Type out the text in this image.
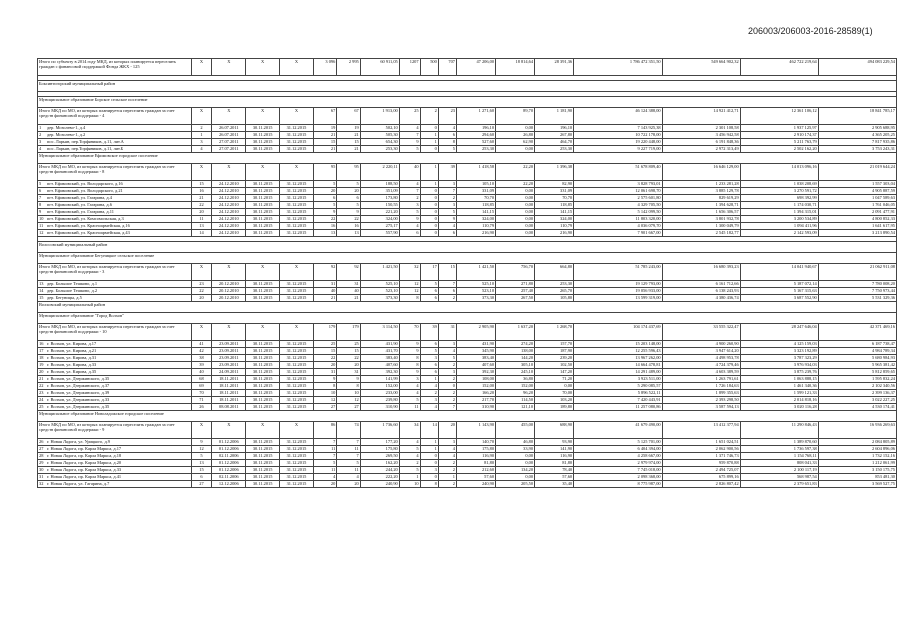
206003/206003-2016-28589(1)
Итого по субъекту в 2014 году МКД, из которых планируется переселить граждан с финансовой поддержкой Фонда ЖКХ - 125	X	X	X	X	3 096	2 995	60 911,05	1207	500	707	47 206,00	18 814,64	28 391,36	1 786 472 351,50	549 664 902,32	462 722 219,64	494 083 229,54

Боксинтогорский муниципальный район																	

Муниципальное образование Борское сельское поселение																	
Итого МКД по МО, из которых планируется переселить граждан за счет средств финансовой поддержки - 4	X	X	X	X	67	67	1 913,00	25	2	23	1 271,60	89,70	1 181,90	46 124 388,00	14 921 412,71	12 361 106,12	18 841 785,17
1 дер. Мозолево-1, д.4	2	26.07.2011	30.11.2015	31.12.2015	19	19	502,10	4	0	4	196,10	0,00	196,10	7 143 925,38	2 301 108,58	1 937 125,97	2 905 688,95
2 дер. Мозолево-1, д.2	1	26.07.2011	30.11.2015	31.12.2015	21	21	505,30	7	1	6	294,60	26,80	267,80	10 722 178,00	3 456 942,58	2 910 174,37	4 365 205,25
3 пос. Ларьян, пер.Торфяников, д.11, лит.А	3	27.07.2011	30.11.2015	31.12.2015	15	15	654,30	9	1	8	527,60	62,90	464,70	19 220 448,00	6 191 848,36	5 211 763,79	7 817 935,86
4 пос. Ларьян, пер.Торфяников, д.11, лит.Б	4	27.07.2011	30.11.2015	31.12.2015	21	21	253,30	5	0	5	253,30	0,00	253,30	9 227 719,00	2 972 313,49	2 502 162,20	3 753 243,31
Муниципальное образование Ефимовское городское поселение																	
Итого МКД по МО, из которых планируется переселить граждан за счет средств финансовой поддержки - 8	X	X	X	X	95	95	2 220,11	40	1	39	1 418,58	22,20	1 396,38	51 678 809,40	16 646 129,00	14 013 096,16	21 019 644,24
5 пгт. Ефимовский, ул. Володарского, д.16	15	24.12.2010	30.11.2015	31.12.2015	5	5	188,50	4	1	3	105,10	22,20	82,90	3 828 793,01	1 233 281,28	1 038 208,69	1 557 303,04
6 пгт. Ефимовский, ул. Володарского, д.21	16	24.12.2010	30.11.2015	31.12.2015	20	20	351,09	7	0	7	331,09	0,00	331,09	12 061 698,70	3 885 129,78	3 270 591,72	4 905 887,59
7 пгт. Ефимовский, ул. Гагарина, д.4	21	24.12.2010	30.11.2015	31.12.2015	6	6	173,80	2	0	2	70,70	0,00	70,70	2 575 601,80	829 619,29	698 392,99	1 047 589,63
8 пгт. Ефимовский, ул. Гагарина, д.6	22	24.12.2010	30.11.2015	31.12.2015	5	5	150,55	3	0	3	118,85	0,00	118,85	4 329 705,50	1 394 628,71	1 174 030,71	1 761 046,05
9 пгт. Ефимовский, ул. Гагарина, д.11	20	24.12.2010	30.11.2015	31.12.2015	9	9	221,20	5	0	5	141,15	0,00	141,15	5 142 099,50	1 656 306,57	1 394 315,01	2 091 477,91
10 пгт. Ефимовский, ул. Комсомольская, д.3	11	24.12.2010	30.11.2015	31.12.2015	22	22	324,00	9	0	9	324,00	0,00	324,00	11 803 320,00	3 801 932,78	3 200 534,89	4 800 852,33
11 пгт. Ефимовский, ул. Красноармейская, д.16	13	24.12.2010	30.11.2015	31.12.2015	16	16	275,17	4	0	4	110,79	0,00	110,79	4 036 079,70	1 300 049,79	1 094 411,96	1 641 617,95
12 пгт. Ефимовский, ул. Красноармейская, д.43	14	24.12.2010	30.11.2015	31.12.2015	13	13	557,90	6	0	6	216,90	0,00	216,90	7 901 667,00	2 545 182,77	2 142 593,09	3 213 890,54

Волосовский муниципальный район																	
Муниципальное образование Бегуницкое сельское поселение																	
Итого МКД по МО, из которых планируется переселить граждан за счет средств финансовой поддержки - 3	X	X	X	X	92	92	1 421,50	32	17	15	1 421,50	756,70	664,80	51 785 243,00	16 680 393,23	14 041 940,67	21 062 911,08
13 дер. Большое Тешково, д.1	23	20.12.2010	30.11.2015	31.12.2015	31	31	525,10	12	5	7	525,10	271,80	253,30	19 129 793,00	6 161 712,66	5 187 072,14	7 780 008,20
14 дер. Большое Тешково, д.2	22	20.12.2010	30.11.2015	31.12.2015	40	40	523,10	12	6	6	523,10	257,40	265,70	19 056 933,00	6 138 243,93	5 167 315,63	7 750 973,44
15 дер. Бегуницы, д.5	20	20.12.2010	30.11.2015	31.12.2015	21	21	373,30	8	6	2	373,30	267,50	105,80	13 599 319,00	4 380 436,74	3 687 552,90	5 531 329,36
Волховский муниципальный район																	
Муниципальное образование "Город Волхов"																	
Итого МКД по МО, из которых планируется переселить граждан за счет средств финансовой поддержки - 10	X	X	X	X	179	179	3 114,50	70	39	31	2 905,90	1 637,20	1 268,70	104 174 437,69	33 555 322,47	28 247 646,04	42 371 469,16
16 г. Волхов, ул. Кирова, д.17	41	23.09.2011	30.11.2015	31.12.2015	25	25	431,90	9	6	3	431,90	274,20	157,70	15 203 148,00	4 900 260,90	4 125 159,03	6 187 738,47
17 г. Волхов, ул. Кирова, д.21	42	23.09.2011	30.11.2015	31.12.2015	15	15	431,70	9	5	4	345,90	138,00	187,90	12 255 596,43	3 947 614,20	3 323 192,89	4 984 789,34
18 г. Волхов, ул. Кирова, д.31	38	23.09.2011	30.11.2015	31.12.2015	22	22	383,40	8	3	5	383,40	144,20	239,20	13 967 262,00	4 498 953,78	3 787 323,29	5 680 984,93
19 г. Волхов, ул. Кирова, д.33	39	23.09.2011	30.11.2015	31.12.2015	20	20	407,60	8	6	2	407,60	305,10	102,50	14 664 478,81	4 724 379,46	3 976 934,03	5 965 381,42
20 г. Волхов, ул. Кирова, д.35	40	24.09.2011	30.11.2015	31.12.2015	31	31	392,30	9	6	3	392,30	245,10	147,20	14 291 489,00	4 603 389,59	3 875 239,76	5 812 859,65
21 г. Волхов, ул. Дзержинского, д.35	68	18.11.2011	30.11.2015	31.12.2015	9	9	141,99	3	1	2	108,00	36,80	71,20	3 923 511,00	1 263 791,61	1 063 888,15	1 595 832,24
22 г. Волхов, ул. Дзержинского, д.37	69	18.11.2011	30.11.2015	31.12.2015	8	8	152,00	4	4	0	152,00	152,00	0,00	5 290 085,57	1 726 184,63	1 461 340,36	2 102 340,56
23 г. Волхов, ул. Дзержинского, д.39	70	18.11.2011	30.11.2015	31.12.2015	10	10	233,00	4	2	2	166,20	96,20	70,00	5 896 522,11	1 899 355,63	1 599 121,33	2 399 136,37
24 г. Волхов, ул. Дзержинского, д.33	71	18.11.2011	30.11.2015	31.12.2015	12	12	239,80	5	3	2	217,70	114,50	103,20	7 420 443,91	2 393 298,50	2 014 818,16	3 022 227,25
25 г. Волхов, ул. Дзержинского, д.35	26	08.08.2011	30.11.2015	31.12.2015	27	27	310,90	11	4	7	310,90	121,10	189,80	11 257 080,86	3 587 594,13	3 020 116,28	4 530 174,41
Муниципальное образование Новоладожское городское поселение																	
Итого МКД по МО, из которых планируется переселить граждан за счет средств финансовой поддержки - 9	X	X	X	X	86	74	1 736,60	34	14	20	1 143,90	455,00	688,90	41 679 490,00	13 412 377,94	11 290 846,43	16 936 269,63
26 г. Новая Ладога, ул. Урицкого, д.9	9	01.12.2006	30.11.2015	31.12.2015	7	7	177,20	4	1	3	140,70	46,80	93,90	5 125 701,00	1 651 024,51	1 389 870,60	2 084 805,89
27 г. Новая Ладога, пр. Карла Маркса, д.17	12	01.12.2006	30.11.2015	31.12.2015	11	11	175,80	5	1	4	175,80	33,90	141,90	6 404 394,00	2 062 900,56	1 736 597,38	2 604 896,06
28 г. Новая Ладога, пр. Карла Маркса, д.18	5	02.11.2006	30.11.2015	31.12.2015	7	7	269,50	4	0	4	116,90	0,00	116,90	4 258 667,00	1 371 746,73	1 154 768,11	1 732 152,16
29 г. Новая Ладога, пр. Карла Маркса, д.20	13	01.12.2006	30.11.2015	31.12.2015	5	5	162,20	2	0	2	81,80	0,00	81,80	2 979 974,00	959 870,88	808 041,33	1 212 061,99
30 г. Новая Ладога, пр. Карла Маркса, д.33	15	01.12.2006	30.11.2015	31.12.2015	11	11	244,20	5	3	2	212,60	134,20	78,40	7 745 018,00	2 494 725,07	2 100 117,19	3 150 175,75
31 г. Новая Ладога, пр. Карла Маркса, д.41	6	02.11.2006	30.11.2015	31.12.2015	4	4	222,20	1	0	1	57,60	0,00	57,60	2 098 368,00	675 899,16	568 987,54	853 481,30
32 г. Новая Ладога, ул. Гагарина, д.7	27	12.12.2006	30.11.2015	31.12.2015	20	20	240,90	10	8	2	240,90	205,50	35,40	8 775 987,00	2 826 807,42	2 379 651,83	3 569 527,75
